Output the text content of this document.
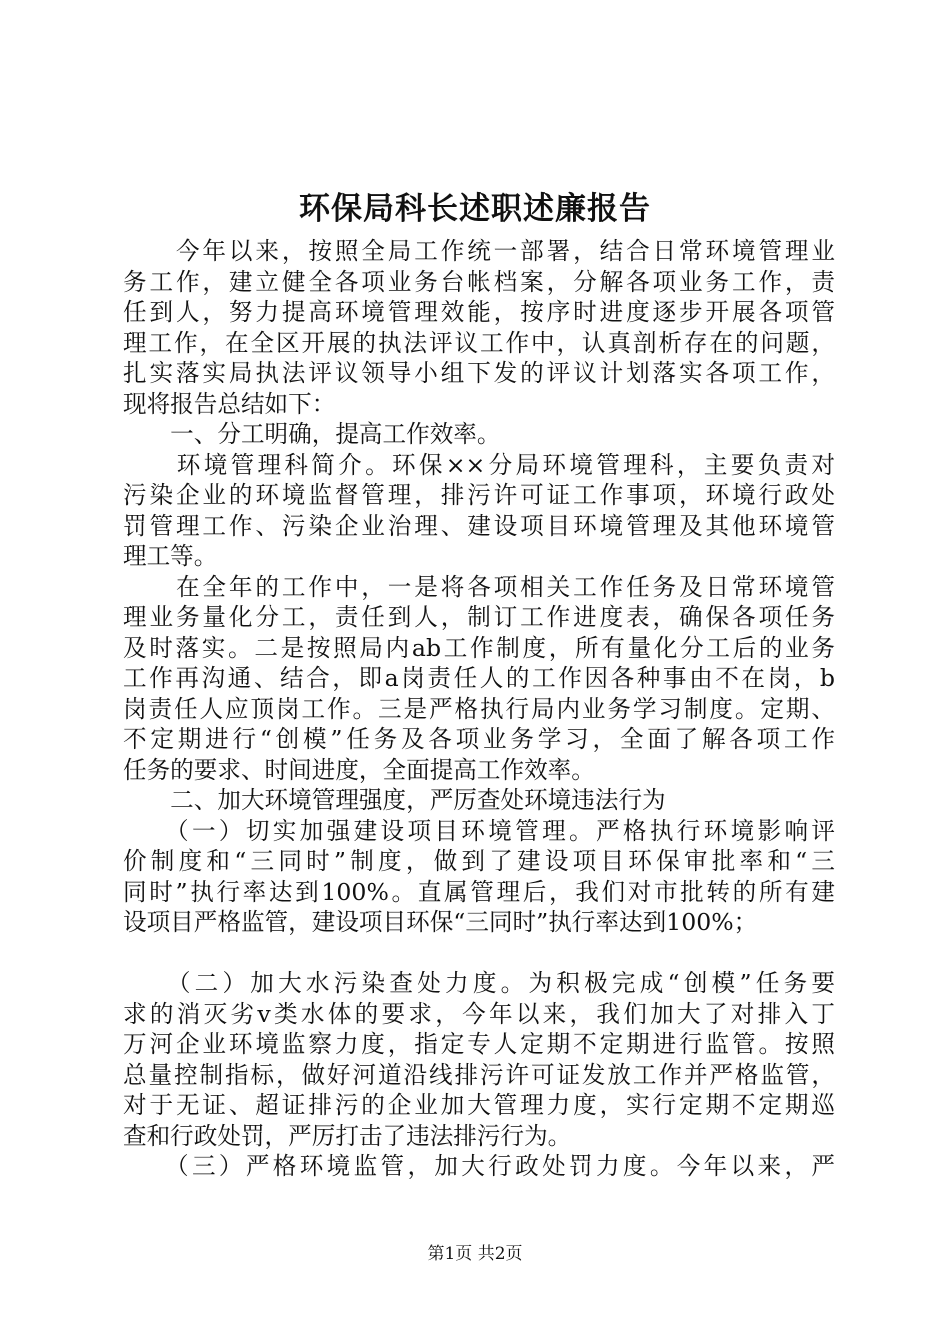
环保局科长述职述廉报告
　　今年以来，按照全局工作统一部署，结合日常环境管理业
务工作，建立健全各项业务台帐档案，分解各项业务工作，责
任到人，努力提高环境管理效能，按序时进度逐步开展各项管
理工作，在全区开展的执法评议工作中，认真剖析存在的问题，
扎实落实局执法评议领导小组下发的评议计划落实各项工作，
现将报告总结如下：
　　一、分工明确，提高工作效率。
　　环境管理科简介。环保××分局环境管理科，主要负责对
污染企业的环境监督管理，排污许可证工作事项，环境行政处
罚管理工作、污染企业治理、建设项目环境管理及其他环境管
理工等。
　　在全年的工作中，一是将各项相关工作任务及日常环境管
理业务量化分工，责任到人，制订工作进度表，确保各项任务
及时落实。二是按照局内ab工作制度，所有量化分工后的业务
工作再沟通、结合，即a岗责任人的工作因各种事由不在岗，b
岗责任人应顶岗工作。三是严格执行局内业务学习制度。定期、
不定期进行“创模”任务及各项业务学习，全面了解各项工作
任务的要求、时间进度，全面提高工作效率。
　　二、加大环境管理强度，严厉查处环境违法行为
　　（一）切实加强建设项目环境管理。严格执行环境影响评
价制度和“三同时”制度，做到了建设项目环保审批率和“三
同时”执行率达到100%。直属管理后，我们对市批转的所有建
设项目严格监管，建设项目环保“三同时”执行率达到100%；
　　（二）加大水污染查处力度。为积极完成“创模”任务要
求的消灭劣v类水体的要求，今年以来，我们加大了对排入丁
万河企业环境监察力度，指定专人定期不定期进行监管。按照
总量控制指标，做好河道沿线排污许可证发放工作并严格监管，
对于无证、超证排污的企业加大管理力度，实行定期不定期巡
查和行政处罚，严厉打击了违法排污行为。
　　（三）严格环境监管，加大行政处罚力度。今年以来，严
第1页 共2页
